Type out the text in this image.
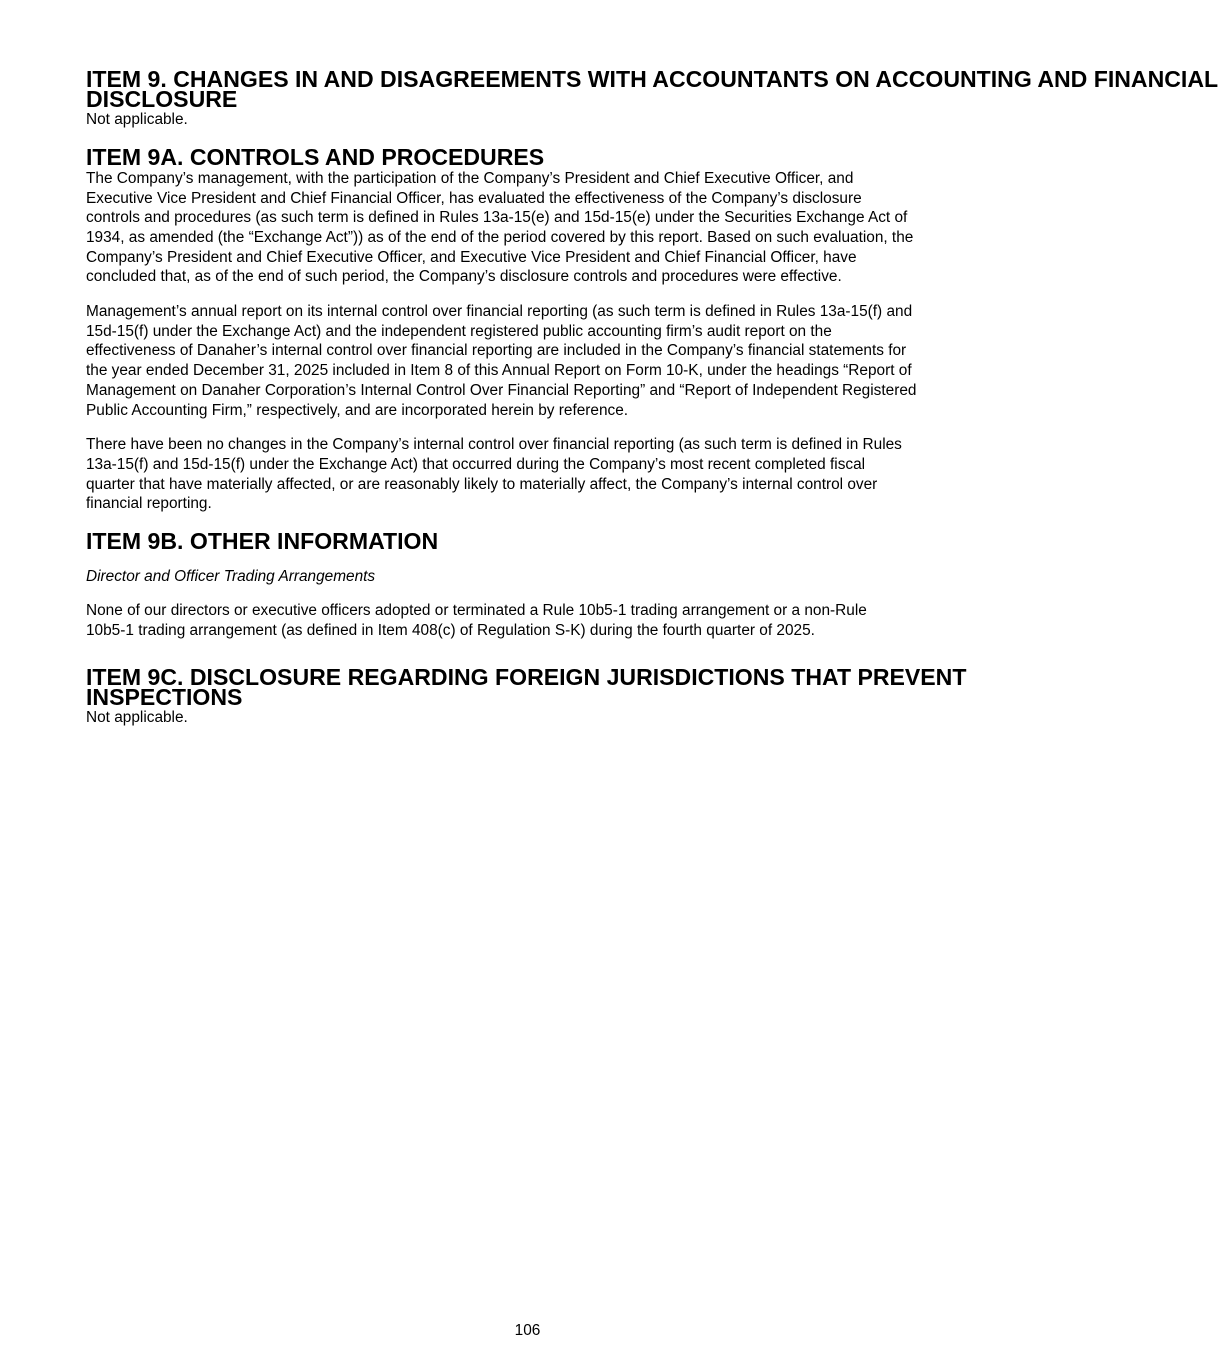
ITEM 9. CHANGES IN AND DISAGREEMENTS WITH ACCOUNTANTS ON ACCOUNTING AND FINANCIAL
DISCLOSURE

Not applicable.

ITEM 9A. CONTROLS AND PROCEDURES

The Company’s management, with the participation of the Company’s President and Chief Executive Officer, and
Executive Vice President and Chief Financial Officer, has evaluated the effectiveness of the Company’s disclosure
controls and procedures (as such term is defined in Rules 13a-15(e) and 15d-15(e) under the Securities Exchange Act of
1934, as amended (the “Exchange Act”)) as of the end of the period covered by this report. Based on such evaluation, the
Company’s President and Chief Executive Officer, and Executive Vice President and Chief Financial Officer, have
concluded that, as of the end of such period, the Company’s disclosure controls and procedures were effective.

Management’s annual report on its internal control over financial reporting (as such term is defined in Rules 13a-15(f) and
15d-15(f) under the Exchange Act) and the independent registered public accounting firm’s audit report on the
effectiveness of Danaher’s internal control over financial reporting are included in the Company’s financial statements for
the year ended December 31, 2025 included in Item 8 of this Annual Report on Form 10-K, under the headings “Report of
Management on Danaher Corporation’s Internal Control Over Financial Reporting” and “Report of Independent Registered
Public Accounting Firm,” respectively, and are incorporated herein by reference.

There have been no changes in the Company’s internal control over financial reporting (as such term is defined in Rules
13a-15(f) and 15d-15(f) under the Exchange Act) that occurred during the Company’s most recent completed fiscal
quarter that have materially affected, or are reasonably likely to materially affect, the Company’s internal control over
financial reporting.

ITEM 9B. OTHER INFORMATION

Director and Officer Trading Arrangements

None of our directors or executive officers adopted or terminated a Rule 10b5-1 trading arrangement or a non-Rule
10b5-1 trading arrangement (as defined in Item 408(c) of Regulation S-K) during the fourth quarter of 2025.

ITEM 9C. DISCLOSURE REGARDING FOREIGN JURISDICTIONS THAT PREVENT INSPECTIONS

Not applicable.

106
